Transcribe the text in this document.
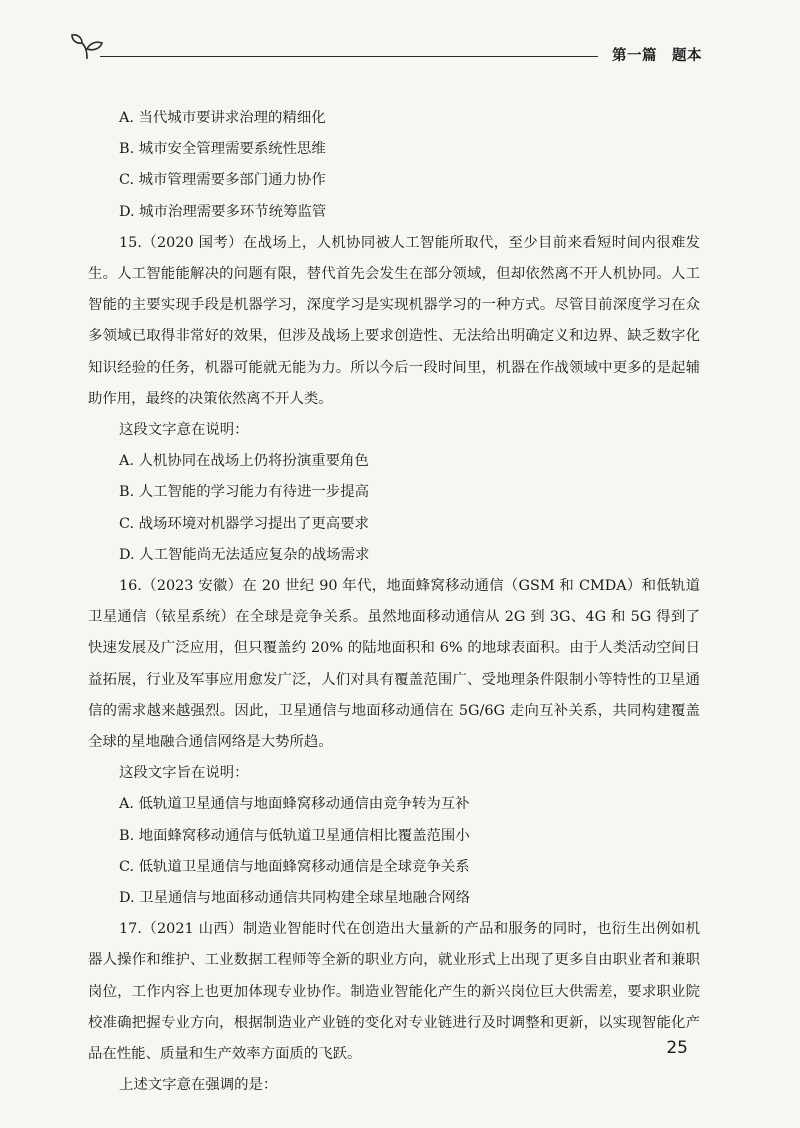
第一篇　题本

A. 当代城市要讲求治理的精细化

B. 城市安全管理需要系统性思维

C. 城市管理需要多部门通力协作

D. 城市治理需要多环节统筹监管

15.（2020 国考）在战场上，人机协同被人工智能所取代，至少目前来看短时间内很难发生。人工智能能解决的问题有限，替代首先会发生在部分领域，但却依然离不开人机协同。人工智能的主要实现手段是机器学习，深度学习是实现机器学习的一种方式。尽管目前深度学习在众多领域已取得非常好的效果，但涉及战场上要求创造性、无法给出明确定义和边界、缺乏数字化知识经验的任务，机器可能就无能为力。所以今后一段时间里，机器在作战领域中更多的是起辅助作用，最终的决策依然离不开人类。

这段文字意在说明：

A. 人机协同在战场上仍将扮演重要角色

B. 人工智能的学习能力有待进一步提高

C. 战场环境对机器学习提出了更高要求

D. 人工智能尚无法适应复杂的战场需求

16.（2023 安徽）在 20 世纪 90 年代，地面蜂窝移动通信（GSM 和 CMDA）和低轨道卫星通信（铱星系统）在全球是竞争关系。虽然地面移动通信从 2G 到 3G、4G 和 5G 得到了快速发展及广泛应用，但只覆盖约 20% 的陆地面积和 6% 的地球表面积。由于人类活动空间日益拓展，行业及军事应用愈发广泛，人们对具有覆盖范围广、受地理条件限制小等特性的卫星通信的需求越来越强烈。因此，卫星通信与地面移动通信在 5G/6G 走向互补关系，共同构建覆盖全球的星地融合通信网络是大势所趋。

这段文字旨在说明：

A. 低轨道卫星通信与地面蜂窝移动通信由竞争转为互补

B. 地面蜂窝移动通信与低轨道卫星通信相比覆盖范围小

C. 低轨道卫星通信与地面蜂窝移动通信是全球竞争关系

D. 卫星通信与地面移动通信共同构建全球星地融合网络

17.（2021 山西）制造业智能时代在创造出大量新的产品和服务的同时，也衍生出例如机器人操作和维护、工业数据工程师等全新的职业方向，就业形式上出现了更多自由职业者和兼职岗位，工作内容上也更加体现专业协作。制造业智能化产生的新兴岗位巨大供需差，要求职业院校准确把握专业方向，根据制造业产业链的变化对专业链进行及时调整和更新，以实现智能化产品在性能、质量和生产效率方面质的飞跃。

上述文字意在强调的是：

25
